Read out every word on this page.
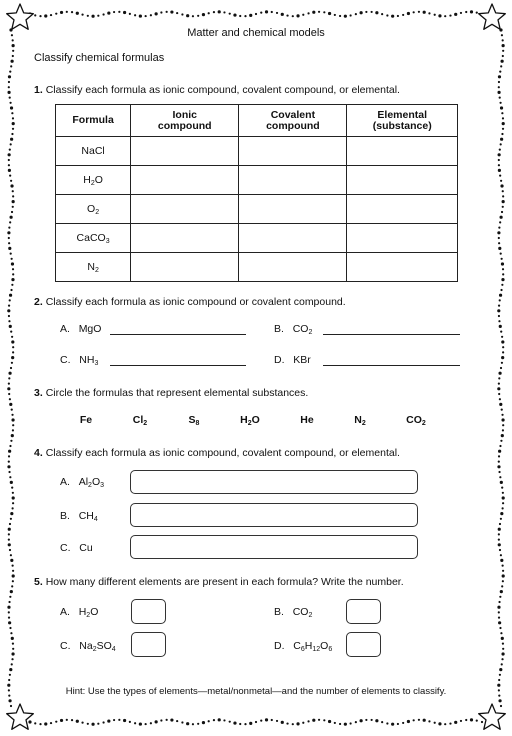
Matter and chemical models
Classify chemical formulas
1. Classify each formula as ionic compound, covalent compound, or elemental.
Formula	Ionic compound	Covalent compound	Elemental (substance)
NaCl			
$H_2O$			
$O_2$			
CaCO$_3$			
$N_2$			
2. Classify each formula as ionic compound or covalent compound.
A. MgO	B. $CO_2$
C. $NH_3$	D. KBr
3. Circle the formulas that represent elemental substances.
Fe	$Cl_2$	$S_8$	$H_2O$	He	$N_2$	$CO_2$
4. Classify each formula as ionic compound, covalent compound, or elemental.
A. $Al_2O_3$
B. $CH_4$
C. Cu
5. How many different elements are present in each formula? Write the number.
A. $H_2O$	B. $CO_2$
C. $Na_2SO_4$	D. $C_6H_{12}O_6$
Hint: Use the types of elements—metal/nonmetal—and the number of elements to classify.
